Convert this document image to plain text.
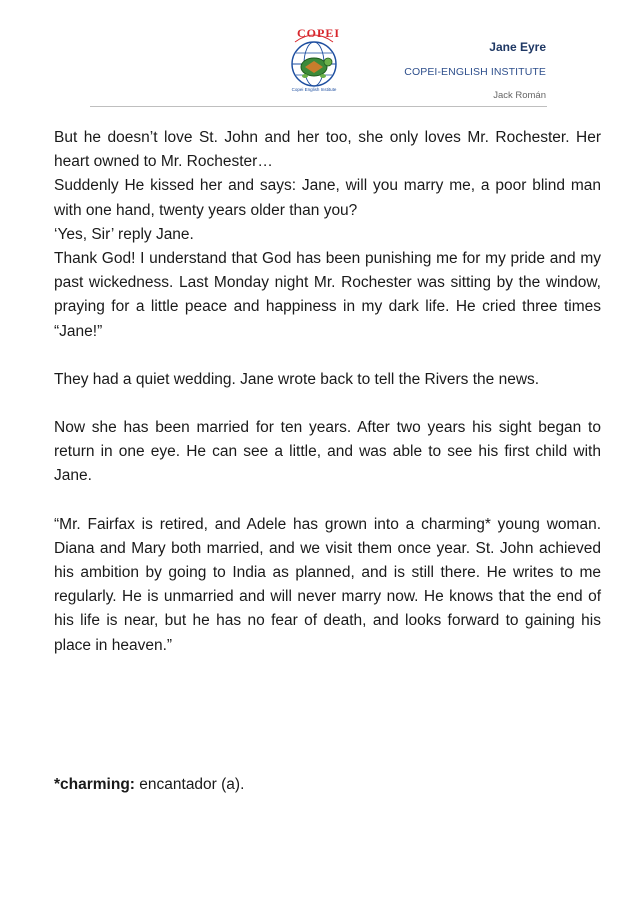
COPEI
Copei English Institute
Jane Eyre
COPEI-ENGLISH INSTITUTE
Jack Román

But he doesn’t love St. John and her too, she only loves Mr. Rochester. Her heart owned to Mr. Rochester…

Suddenly He kissed her and says: Jane, will you marry me, a poor blind man with one hand, twenty years older than you?

‘Yes, Sir’ reply Jane.

Thank God! I understand that God has been punishing me for my pride and my past wickedness. Last Monday night Mr. Rochester was sitting by the window, praying for a little peace and happiness in my dark life. He cried three times “Jane!”

They had a quiet wedding. Jane wrote back to tell the Rivers the news.

Now she has been married for ten years. After two years his sight began to return in one eye. He can see a little, and was able to see his first child with Jane.

“Mr. Fairfax is retired, and Adele has grown into a charming* young woman. Diana and Mary both married, and we visit them once year. St. John achieved his ambition by going to India as planned, and is still there. He writes to me regularly. He is unmarried and will never marry now. He knows that the end of his life is near, but he has no fear of death, and looks forward to gaining his place in heaven.”

*charming: encantador (a).
